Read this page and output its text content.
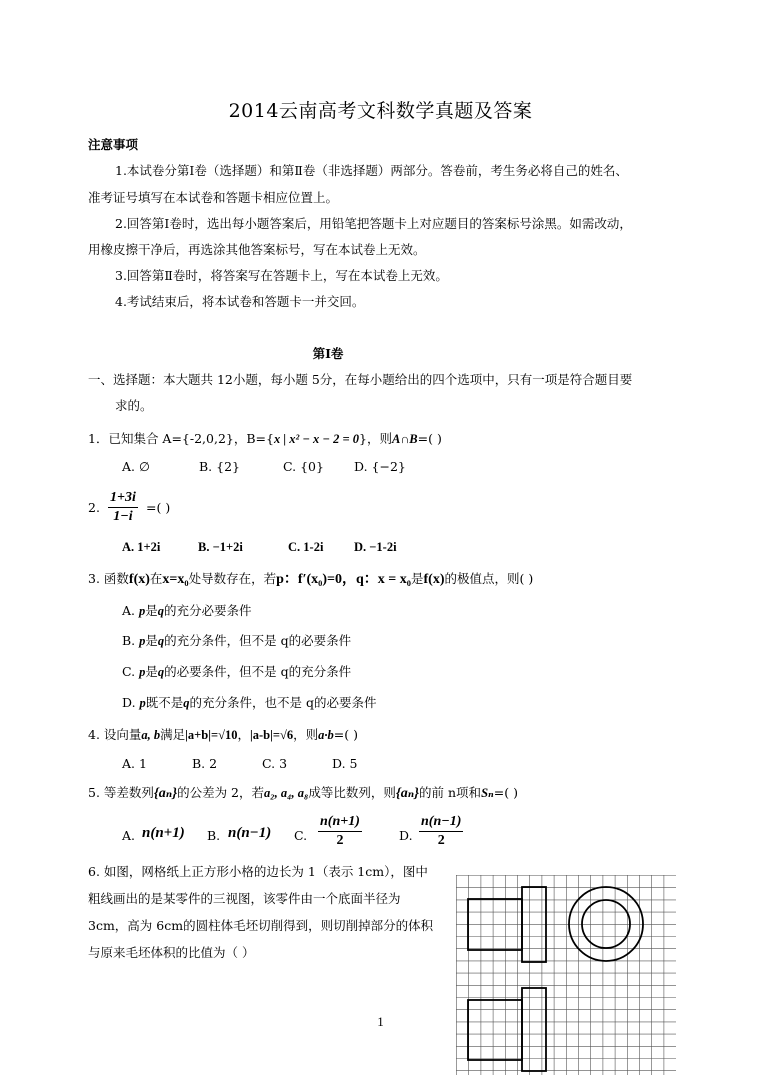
2014云南高考文科数学真题及答案
注意事项
1.本试卷分第Ⅰ卷（选择题）和第Ⅱ卷（非选择题）两部分。答卷前，考生务必将自己的姓名、
准考证号填写在本试卷和答题卡相应位置上。
2.回答第Ⅰ卷时，选出每小题答案后，用铅笔把答题卡上对应题目的答案标号涂黑。如需改动，
用橡皮擦干净后，再选涂其他答案标号，写在本试卷上无效。
3.回答第Ⅱ卷时，将答案写在答题卡上，写在本试卷上无效。
4.考试结束后，将本试卷和答题卡一并交回。
第Ⅰ卷
一、选择题：本大题共 12小题，每小题 5分，在每小题给出的四个选项中，只有一项是符合题目要
求的。
1．已知集合 A={-2,0,2}，B={x | x² − x − 2 = 0}，则A∩B=( )
A. ∅	B. {2}	C. {0} D. {−2}
2. $\frac{1+3i}{1-i}$ =( )
A. 1+2i	B. −1+2i	C. 1-2i D. −1-2i
3. 函数f(x)在x=x₀处导数存在，若p：f′(x₀)=0，q：x = x₀是f(x)的极值点，则( )
A. p是q的充分必要条件
B. p是q的充分条件，但不是 q的必要条件
C. p是q的必要条件，但不是 q的充分条件
D. p既不是q的充分条件，也不是 q的必要条件
4. 设向量a, b满足|a+b|=√10，|a-b|=√6，则a·b=( )
A. 1	B. 2	C. 3	D. 5
5. 等差数列{aₙ}的公差为 2，若a₂, a₄, a₈成等比数列，则{aₙ}的前 n项和Sₙ=( )
A. n(n+1) B. n(n−1) C. $\frac{n(n+1)}{2}$	D. $\frac{n(n-1)}{2}$
6. 如图，网格纸上正方形小格的边长为 1（表示 1cm），图中
粗线画出的是某零件的三视图，该零件由一个底面半径为
3cm，高为 6cm的圆柱体毛坯切削得到，则切削掉部分的体积
与原来毛坯体积的比值为（ ）
1
